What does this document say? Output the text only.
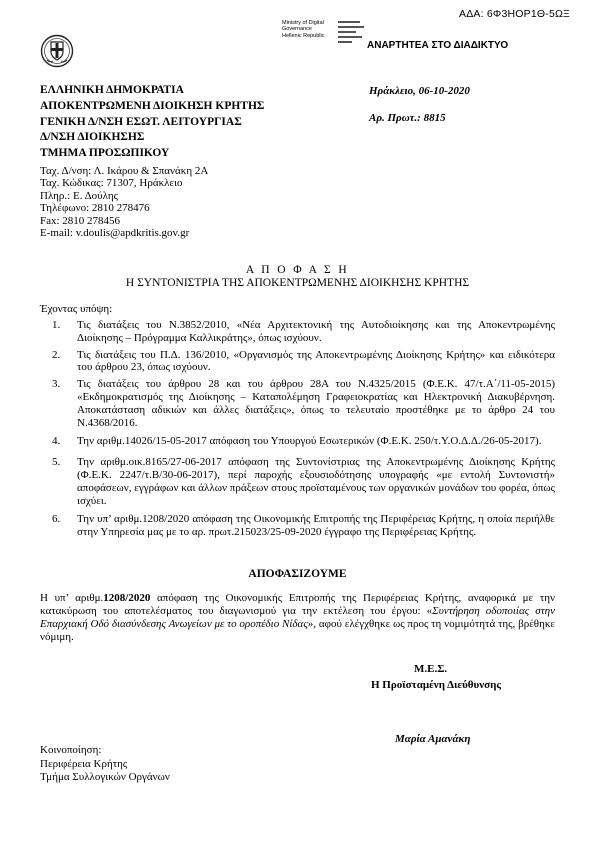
ΑΔΑ: 6Φ3ΗΟΡ1Θ-5ΩΞ
Ministry of Digital
Governance
Hellenic Republic
ΑΝΑΡΤΗΤΕΑ ΣΤΟ ΔΙΑΔΙΚΤΥΟ
ΕΛΛΗΝΙΚΗ ΔΗΜΟΚΡΑΤΙΑ
ΑΠΟΚΕΝΤΡΩΜΕΝΗ ΔΙΟΙΚΗΣΗ ΚΡΗΤΗΣ
ΓΕΝΙΚΗ Δ/ΝΣΗ ΕΣΩΤ. ΛΕΙΤΟΥΡΓΙΑΣ
Δ/ΝΣΗ ΔΙΟΙΚΗΣΗΣ
ΤΜΗΜΑ ΠΡΟΣΩΠΙΚΟΥ
Ταχ. Δ/νση: Λ. Ικάρου & Σπανάκη 2Α
Ταχ. Κώδικας: 71307, Ηράκλειο
Πληρ.: Ε. Δούλης
Τηλέφωνο: 2810 278476
Fax: 2810 278456
E-mail: v.doulis@apdkritis.gov.gr
Ηράκλειο, 06-10-2020
Αρ. Πρωτ.: 8815
Α Π Ο Φ Α Σ Η
Η ΣΥΝΤΟΝΙΣΤΡΙΑ ΤΗΣ ΑΠΟΚΕΝΤΡΩΜΕΝΗΣ ΔΙΟΙΚΗΣΗΣ ΚΡΗΤΗΣ
Έχοντας υπόψη:
1.	Τις διατάξεις του Ν.3852/2010, «Νέα Αρχιτεκτονική της Αυτοδιοίκησης και της Αποκεντρωμένης Διοίκησης – Πρόγραμμα Καλλικράτης», όπως ισχύουν.
2.	Τις διατάξεις του Π.Δ. 136/2010, «Οργανισμός της Αποκεντρωμένης Διοίκησης Κρήτης» και ειδικότερα του άρθρου 23, όπως ισχύουν.
3.	Τις διατάξεις του άρθρου 28 και του άρθρου 28Α του Ν.4325/2015 (Φ.Ε.Κ. 47/τ.Α΄/11-05-2015) «Εκδημοκρατισμός της Διοίκησης – Καταπολέμηση Γραφειοκρατίας και Ηλεκτρονική Διακυβέρνηση. Αποκατάσταση αδικιών και άλλες διατάξεις», όπως το τελευταίο προστέθηκε με το άρθρο 24 του Ν.4368/2016.
4.	Την αριθμ.14026/15-05-2017 απόφαση του Υπουργού Εσωτερικών (Φ.Ε.Κ. 250/τ.Υ.Ο.Δ.Δ./26-05-2017).
5.	Την αριθμ.οικ.8165/27-06-2017 απόφαση της Συντονίστριας της Αποκεντρωμένης Διοίκησης Κρήτης (Φ.Ε.Κ. 2247/τ.Β/30-06-2017), περί παροχής εξουσιοδότησης υπογραφής «με εντολή Συντονιστή» αποφάσεων, εγγράφων και άλλων πράξεων στους προϊσταμένους των οργανικών μονάδων του φορέα, όπως ισχύει.
6.	Την υπ’ αριθμ.1208/2020 απόφαση της Οικονομικής Επιτροπής της Περιφέρειας Κρήτης, η οποία περιήλθε στην Υπηρεσία μας με το αρ. πρωτ.215023/25-09-2020 έγγραφο της Περιφέρειας Κρήτης.
ΑΠΟΦΑΣΙΖΟΥΜΕ
Η υπ’ αριθμ.1208/2020 απόφαση της Οικονομικής Επιτροπής της Περιφέρειας Κρήτης, αναφορικά με την κατακύρωση του αποτελέσματος του διαγωνισμού για την εκτέλεση του έργου: «Συντήρηση οδοποιίας στην Επαρχιακή Οδό διασύνδεσης Ανωγείων με το οροπέδιο Νίδας», αφού ελέγχθηκε ως προς τη νομιμότητά της, βρέθηκε νόμιμη.
Μ.Ε.Σ.
Η Προϊσταμένη Διεύθυνσης
Μαρία Αμανάκη
Κοινοποίηση:
Περιφέρεια Κρήτης
Τμήμα Συλλογικών Οργάνων
